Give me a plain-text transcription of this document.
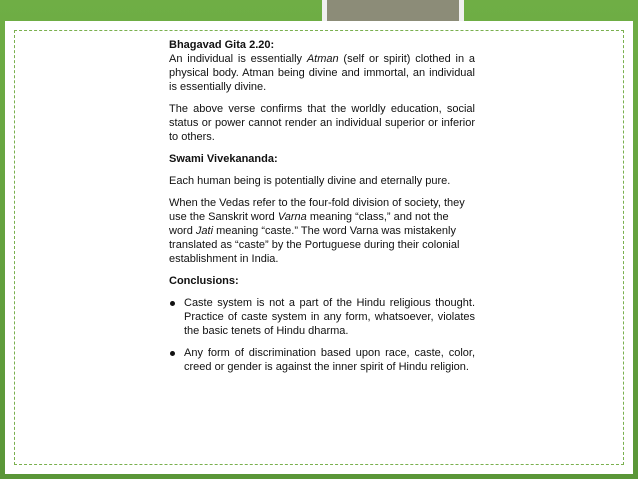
Bhagavad Gita 2.20:

An individual is essentially Atman (self or spirit) clothed in a physical body. Atman being divine and immortal, an individual is essentially divine.

The above verse confirms that the worldly education, social status or power cannot render an individual superior or inferior to others.

Swami Vivekananda:

Each human being is potentially divine and eternally pure.

When the Vedas refer to the four-fold division of society, they use the Sanskrit word Varna meaning “class,” and not the word Jati meaning “caste.” The word Varna was mistakenly translated as “caste” by the Portuguese during their colonial establishment in India.

Conclusions:

Caste system is not a part of the Hindu religious thought. Practice of caste system in any form, whatsoever, violates the basic tenets of Hindu dharma.
Any form of discrimination based upon race, caste, color, creed or gender is against the inner spirit of Hindu religion.
